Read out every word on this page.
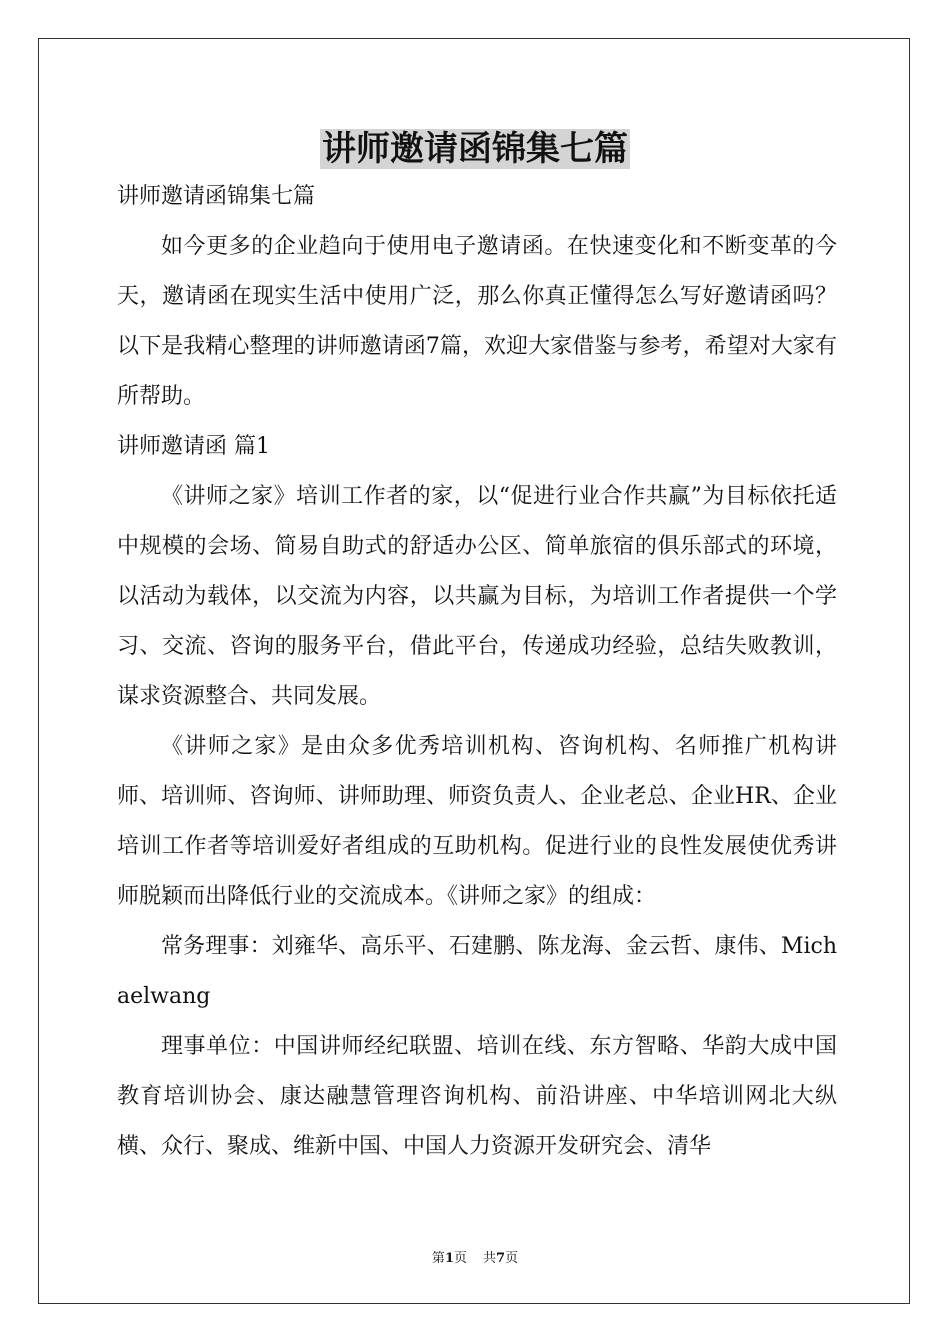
讲师邀请函锦集七篇

讲师邀请函锦集七篇

如今更多的企业趋向于使用电子邀请函。在快速变化和不断变革的今天，邀请函在现实生活中使用广泛，那么你真正懂得怎么写好邀请函吗？以下是我精心整理的讲师邀请函7篇，欢迎大家借鉴与参考，希望对大家有所帮助。

讲师邀请函 篇1

《讲师之家》培训工作者的家，以“促进行业合作共赢”为目标依托适中规模的会场、简易自助式的舒适办公区、简单旅宿的俱乐部式的环境，以活动为载体，以交流为内容，以共赢为目标，为培训工作者提供一个学习、交流、咨询的服务平台，借此平台，传递成功经验，总结失败教训，谋求资源整合、共同发展。

《讲师之家》是由众多优秀培训机构、咨询机构、名师推广机构讲师、培训师、咨询师、讲师助理、师资负责人、企业老总、企业HR、企业培训工作者等培训爱好者组成的互助机构。促进行业的良性发展使优秀讲师脱颖而出降低行业的交流成本。《讲师之家》的组成：

常务理事：刘雍华、高乐平、石建鹏、陈龙海、金云哲、康伟、Michaelwang

理事单位：中国讲师经纪联盟、培训在线、东方智略、华韵大成中国教育培训协会、康达融慧管理咨询机构、前沿讲座、中华培训网北大纵横、众行、聚成、维新中国、中国人力资源开发研究会、清华

第1页 共7页
